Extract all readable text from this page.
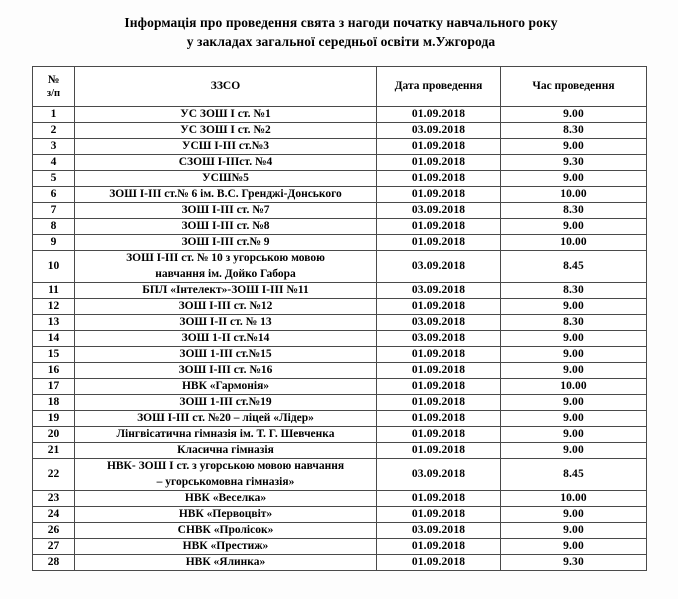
Інформація про проведення свята з нагоди початку навчального року
у закладах загальної середньої освіти м.Ужгорода
№
з/п	ЗЗСО	Дата проведення	Час проведення
1	УС ЗОШ І ст. №1	01.09.2018	9.00
2	УС ЗОШ І ст. №2	03.09.2018	8.30
3	УСШ І-ІІІ ст.№3	01.09.2018	9.00
4	СЗОШ І-ІІІст. №4	01.09.2018	9.30
5	УСШ№5	01.09.2018	9.00
6	ЗОШ І-ІІІ ст.№ 6 ім. В.С. Гренджі-Донського	01.09.2018	10.00
7	ЗОШ І-ІІІ ст. №7	03.09.2018	8.30
8	ЗОШ І-ІІІ ст. №8	01.09.2018	9.00
9	ЗОШ І-ІІІ ст.№ 9	01.09.2018	10.00
10	ЗОШ І-ІІІ ст. № 10 з угорською мовою
навчання ім. Дойко Габора	03.09.2018	8.45
11	БПЛ «Інтелект»-ЗОШ І-ІІІ №11	03.09.2018	8.30
12	ЗОШ І-ІІІ ст. №12	01.09.2018	9.00
13	ЗОШ І-ІІ ст. № 13	03.09.2018	8.30
14	ЗОШ 1-ІІ ст.№14	03.09.2018	9.00
15	ЗОШ 1-ІІІ ст.№15	01.09.2018	9.00
16	ЗОШ І-ІІІ ст. №16	01.09.2018	9.00
17	НВК «Гармонія»	01.09.2018	10.00
18	ЗОШ 1-ІІІ ст.№19	01.09.2018	9.00
19	ЗОШ І-ІІІ ст. №20 – ліцей «Лідер»	01.09.2018	9.00
20	Лінгвісатична гімназія ім. Т. Г. Шевченка	01.09.2018	9.00
21	Класична гімназія	01.09.2018	9.00
22	НВК- ЗОШ І ст. з угорською мовою навчання
– угорськомовна гімназія»	03.09.2018	8.45
23	НВК «Веселка»	01.09.2018	10.00
24	НВК «Первоцвіт»	01.09.2018	9.00
26	СНВК «Пролісок»	03.09.2018	9.00
27	НВК «Престиж»	01.09.2018	9.00
28	НВК «Ялинка»	01.09.2018	9.30
